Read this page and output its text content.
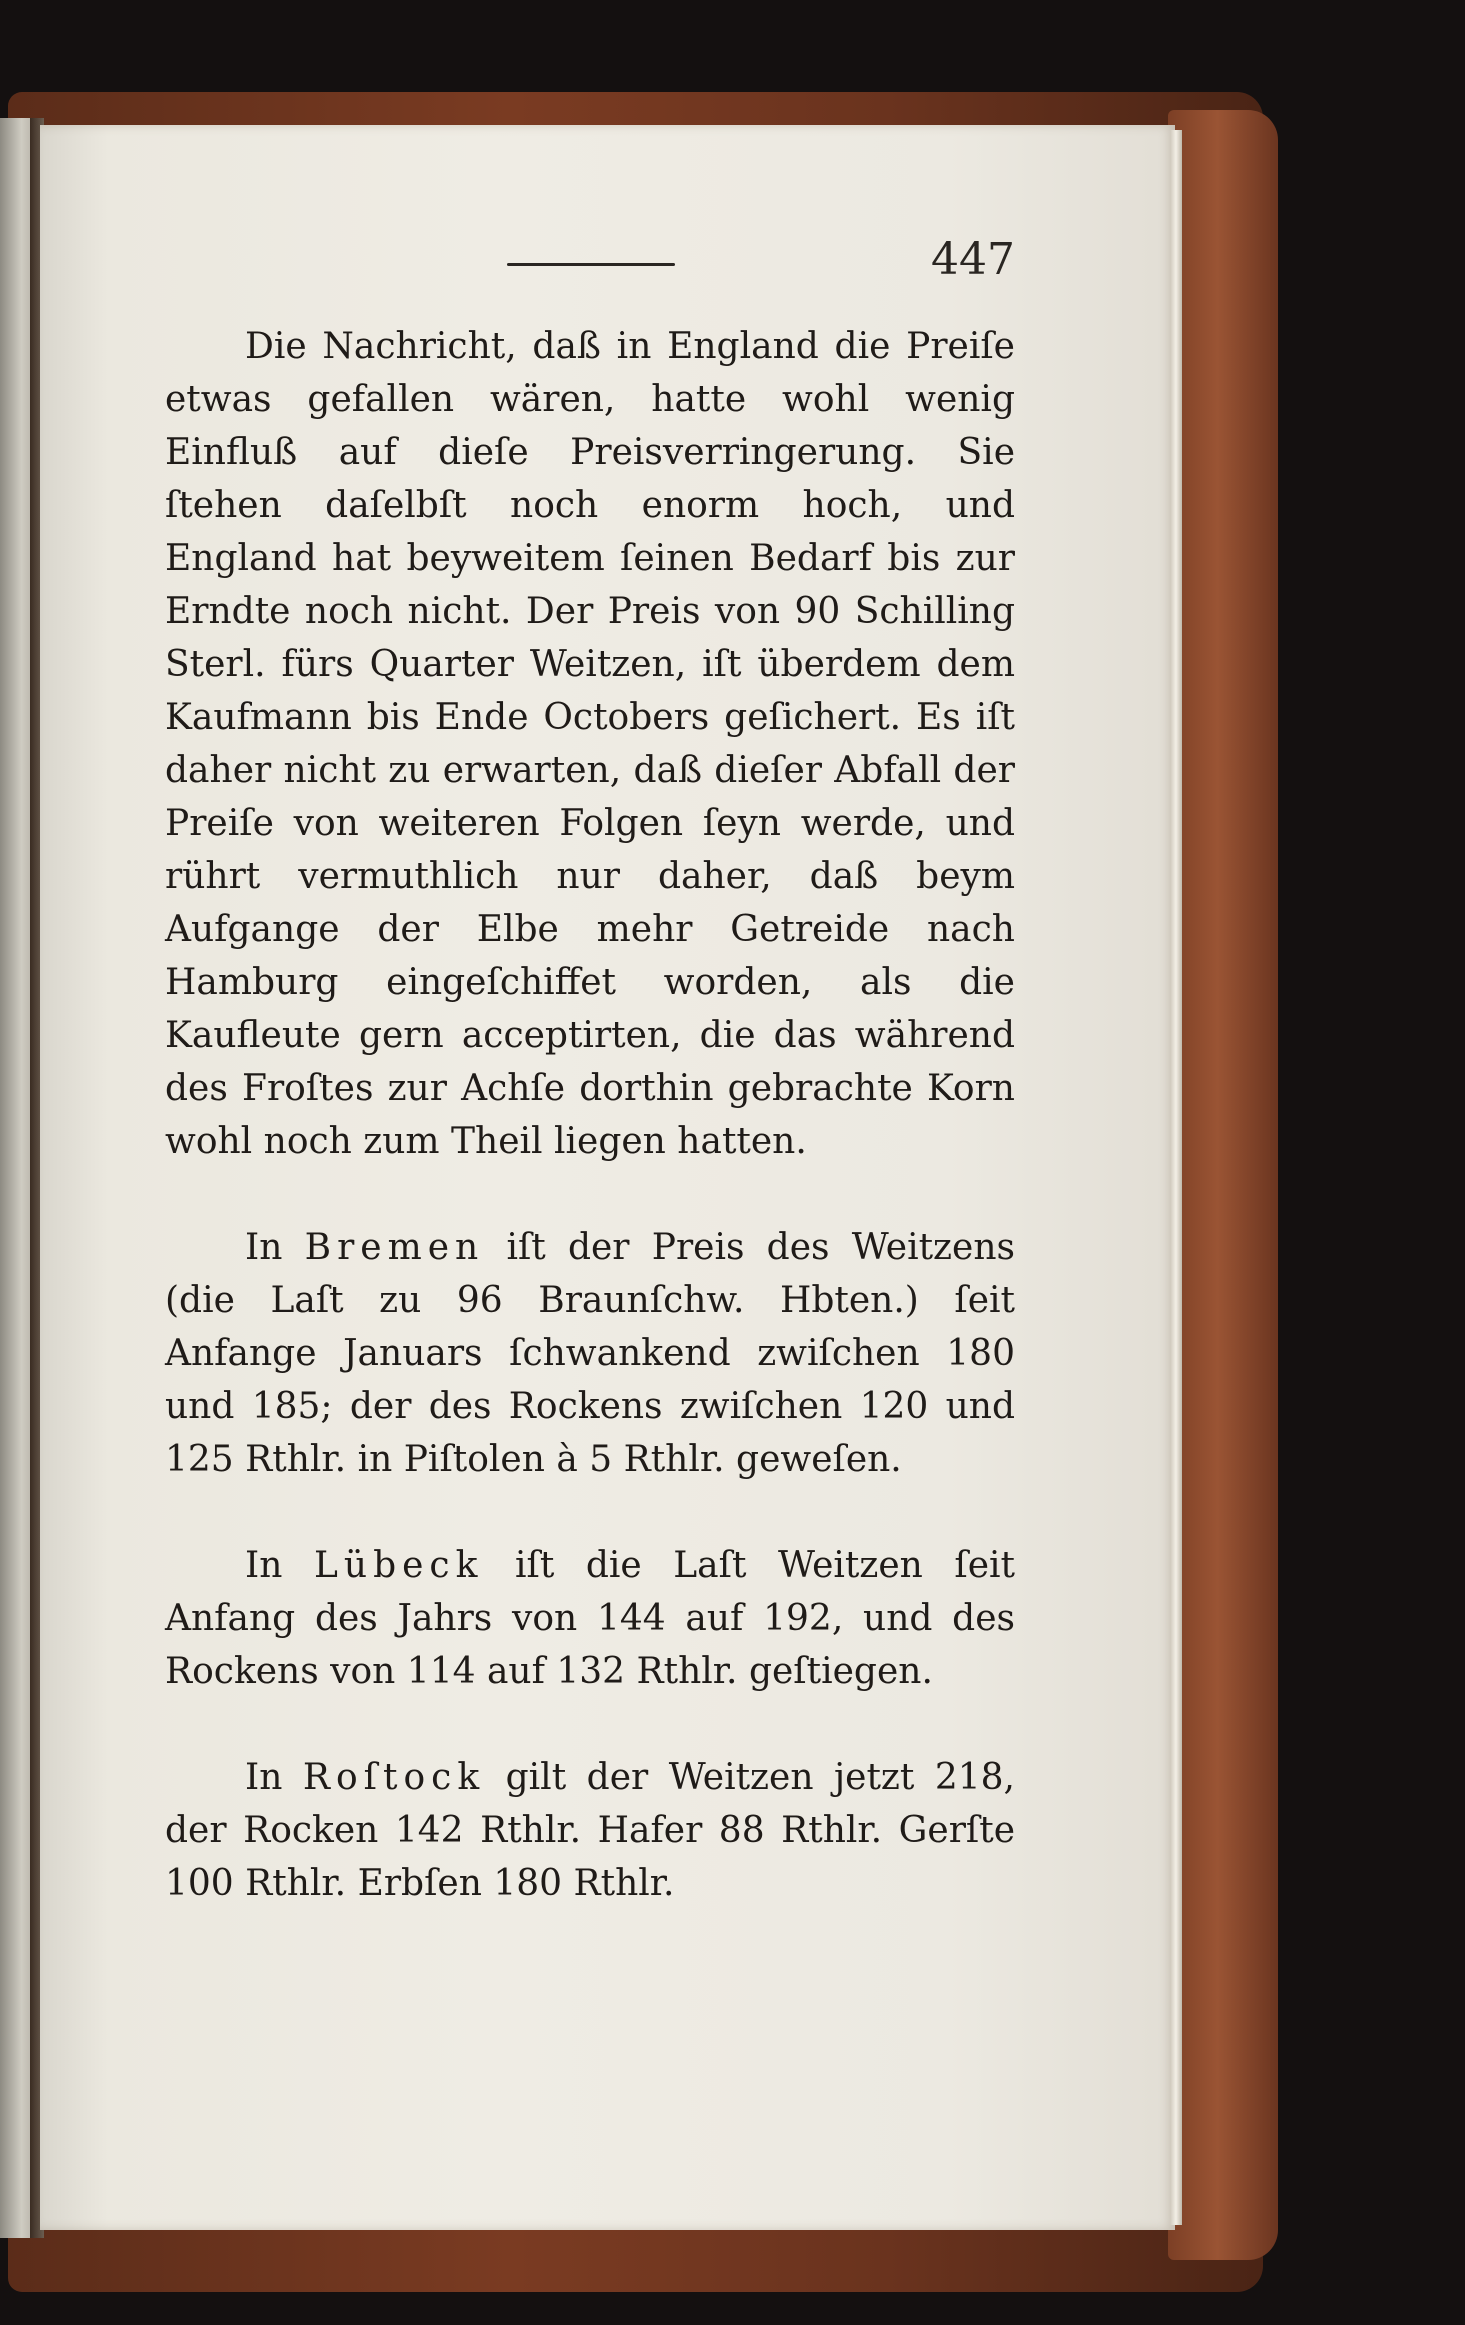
447

Die Nachricht, daß in England die Preiſe etwas gefallen wären, hatte wohl wenig Einfluß auf dieſe Preisverringerung. Sie ſtehen daſelbſt noch enorm hoch, und England hat beyweitem ſeinen Bedarf bis zur Erndte noch nicht. Der Preis von 90 Schilling Sterl. fürs Quarter Weitzen, iſt überdem dem Kaufmann bis Ende Octobers geſichert. Es iſt daher nicht zu erwarten, daß dieſer Abfall der Preiſe von weiteren Folgen ſeyn werde, und rührt vermuthlich nur daher, daß beym Aufgange der Elbe mehr Getreide nach Hamburg eingeſchiffet worden, als die Kaufleute gern acceptirten, die das während des Froſtes zur Achſe dorthin gebrachte Korn wohl noch zum Theil liegen hatten.

In Bremen iſt der Preis des Weitzens (die Laſt zu 96 Braunſchw. Hbten.) ſeit Anfange Januars ſchwankend zwiſchen 180 und 185; der des Rockens zwiſchen 120 und 125 Rthlr. in Piſtolen à 5 Rthlr. geweſen.

In Lübeck iſt die Laſt Weitzen ſeit Anfang des Jahrs von 144 auf 192, und des Rockens von 114 auf 132 Rthlr. geſtiegen.

In Roſtock gilt der Weitzen jetzt 218, der Rocken 142 Rthlr. Hafer 88 Rthlr. Gerſte 100 Rthlr. Erbſen 180 Rthlr.
